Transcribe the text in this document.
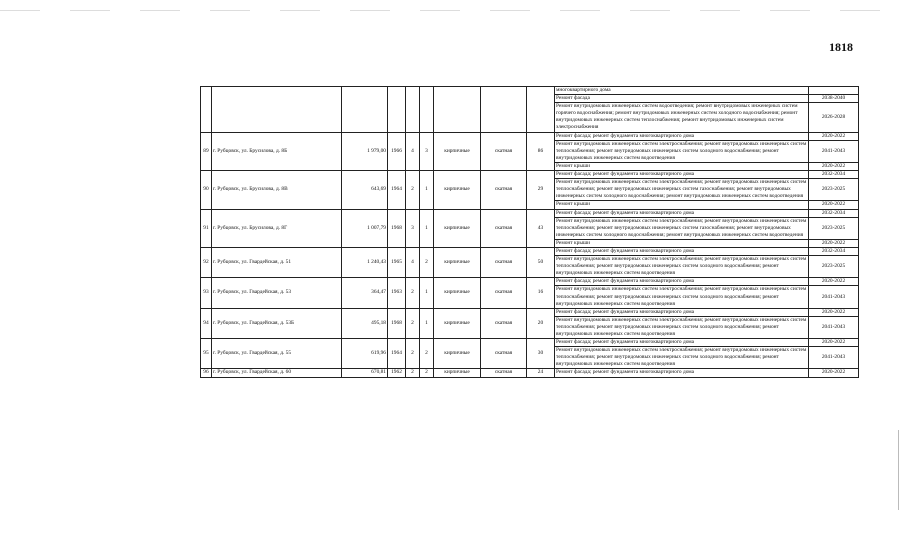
1818
									многоквартирного дома	
									Ремонт фасада	2038-2040
									Ремонт внутридомовых инженерных систем водоотведения; ремонт внутридомовых инженерных систем горячего водоснабжения; ремонт внутридомовых инженерных систем холодного водоснабжения; ремонт внутридомовых инженерных систем теплоснабжения; ремонт внутридомовых инженерных систем электроснабжения	2026-2028
89	г. Рубцовск, ул. Брусилова, д. 8Б	1 979,00	1966	4	3	кирпичные	скатная	86	Ремонт фасада; ремонт фундамента многоквартирного дома	2020-2022
									Ремонт внутридомовых инженерных систем электроснабжения; ремонт внутридомовых инженерных систем теплоснабжения; ремонт внутридомовых инженерных систем холодного водоснабжения; ремонт внутридомовых инженерных систем водоотведения	2041-2043
									Ремонт крыши	2020-2022
90	г. Рубцовск, ул. Брусилова, д. 8В	643,69	1964	2	1	кирпичные	скатная	29	Ремонт фасада; ремонт фундамента многоквартирного дома	2032-2034
									Ремонт внутридомовых инженерных систем электроснабжения; ремонт внутридомовых инженерных систем теплоснабжения; ремонт внутридомовых инженерных систем газоснабжения; ремонт внутридомовых инженерных систем холодного водоснабжения; ремонт внутридомовых инженерных систем водоотведения	2023-2025
									Ремонт крыши	2020-2022
91	г. Рубцовск, ул. Брусилова, д. 8Г	1 007,79	1968	3	1	кирпичные	скатная	43	Ремонт фасада; ремонт фундамента многоквартирного дома	2032-2034
									Ремонт внутридомовых инженерных систем электроснабжения; ремонт внутридомовых инженерных систем теплоснабжения; ремонт внутридомовых инженерных систем газоснабжения; ремонт внутридомовых инженерных систем холодного водоснабжения; ремонт внутридомовых инженерных систем водоотведения	2023-2025
									Ремонт крыши	2020-2022
92	г. Рубцовск, ул. Гвардейская, д. 51	1 240,43	1965	4	2	кирпичные	скатная	50	Ремонт фасада; ремонт фундамента многоквартирного дома	2032-2034
									Ремонт внутридомовых инженерных систем электроснабжения; ремонт внутридомовых инженерных систем теплоснабжения; ремонт внутридомовых инженерных систем холодного водоснабжения; ремонт внутридомовых инженерных систем водоотведения	2023-2025
93	г. Рубцовск, ул. Гвардейская, д. 53	364,47	1963	2	1	кирпичные	скатная	16	Ремонт фасада; ремонт фундамента многоквартирного дома	2020-2022
									Ремонт внутридомовых инженерных систем электроснабжения; ремонт внутридомовых инженерных систем теплоснабжения; ремонт внутридомовых инженерных систем холодного водоснабжения; ремонт внутридомовых инженерных систем водоотведения	2041-2043
94	г. Рубцовск, ул. Гвардейская, д. 53Б	495,18	1968	2	1	кирпичные	скатная	20	Ремонт фасада; ремонт фундамента многоквартирного дома	2020-2022
									Ремонт внутридомовых инженерных систем электроснабжения; ремонт внутридомовых инженерных систем теплоснабжения; ремонт внутридомовых инженерных систем холодного водоснабжения; ремонт внутридомовых инженерных систем водоотведения	2041-2043
95	г. Рубцовск, ул. Гвардейская, д. 55	619,96	1964	2	2	кирпичные	скатная	30	Ремонт фасада; ремонт фундамента многоквартирного дома	2020-2022
									Ремонт внутридомовых инженерных систем электроснабжения; ремонт внутридомовых инженерных систем теплоснабжения; ремонт внутридомовых инженерных систем холодного водоснабжения; ремонт внутридомовых инженерных систем водоотведения	2041-2043
96	г. Рубцовск, ул. Гвардейская, д. 60	670,81	1962	2	2	кирпичные	скатная	24	Ремонт фасада; ремонт фундамента многоквартирного дома	2020-2022
